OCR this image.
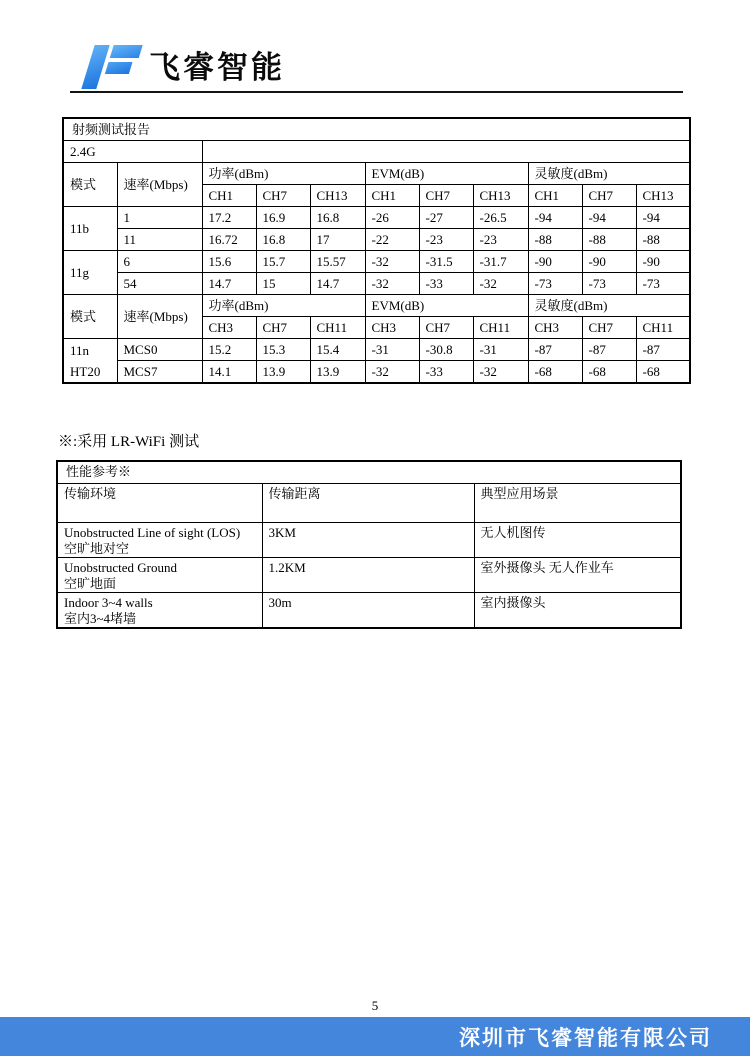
飞睿智能
射频测试报告										
2.4G										
模式	速率(Mbps)	功率(dBm)			EVM(dB)			灵敏度(dBm)		
		CH1	CH7	CH13	CH1	CH7	CH13	CH1	CH7	CH13
11b	1	17.2	16.9	16.8	-26	-27	-26.5	-94	-94	-94
	11	16.72	16.8	17	-22	-23	-23	-88	-88	-88
11g	6	15.6	15.7	15.57	-32	-31.5	-31.7	-90	-90	-90
	54	14.7	15	14.7	-32	-33	-32	-73	-73	-73
模式	速率(Mbps)	功率(dBm)			EVM(dB)			灵敏度(dBm)		
		CH3	CH7	CH11	CH3	CH7	CH11	CH3	CH7	CH11

11n
HT20	MCS0	15.2	15.3	15.4	-31	-30.8	-31	-87	-87	-87
	MCS7	14.1	13.9	13.9	-32	-33	-32	-68	-68	-68
※:采用 LR-WiFi 测试
性能参考※		
传输环境	传输距离	典型应用场景

Unobstructed Line of sight (LOS)
空旷地对空	3KM	无人机图传

Unobstructed Ground
空旷地面	1.2KM	室外摄像头 无人作业车

Indoor 3~4 walls
室内3~4堵墙	30m	室内摄像头
5
深圳市飞睿智能有限公司
